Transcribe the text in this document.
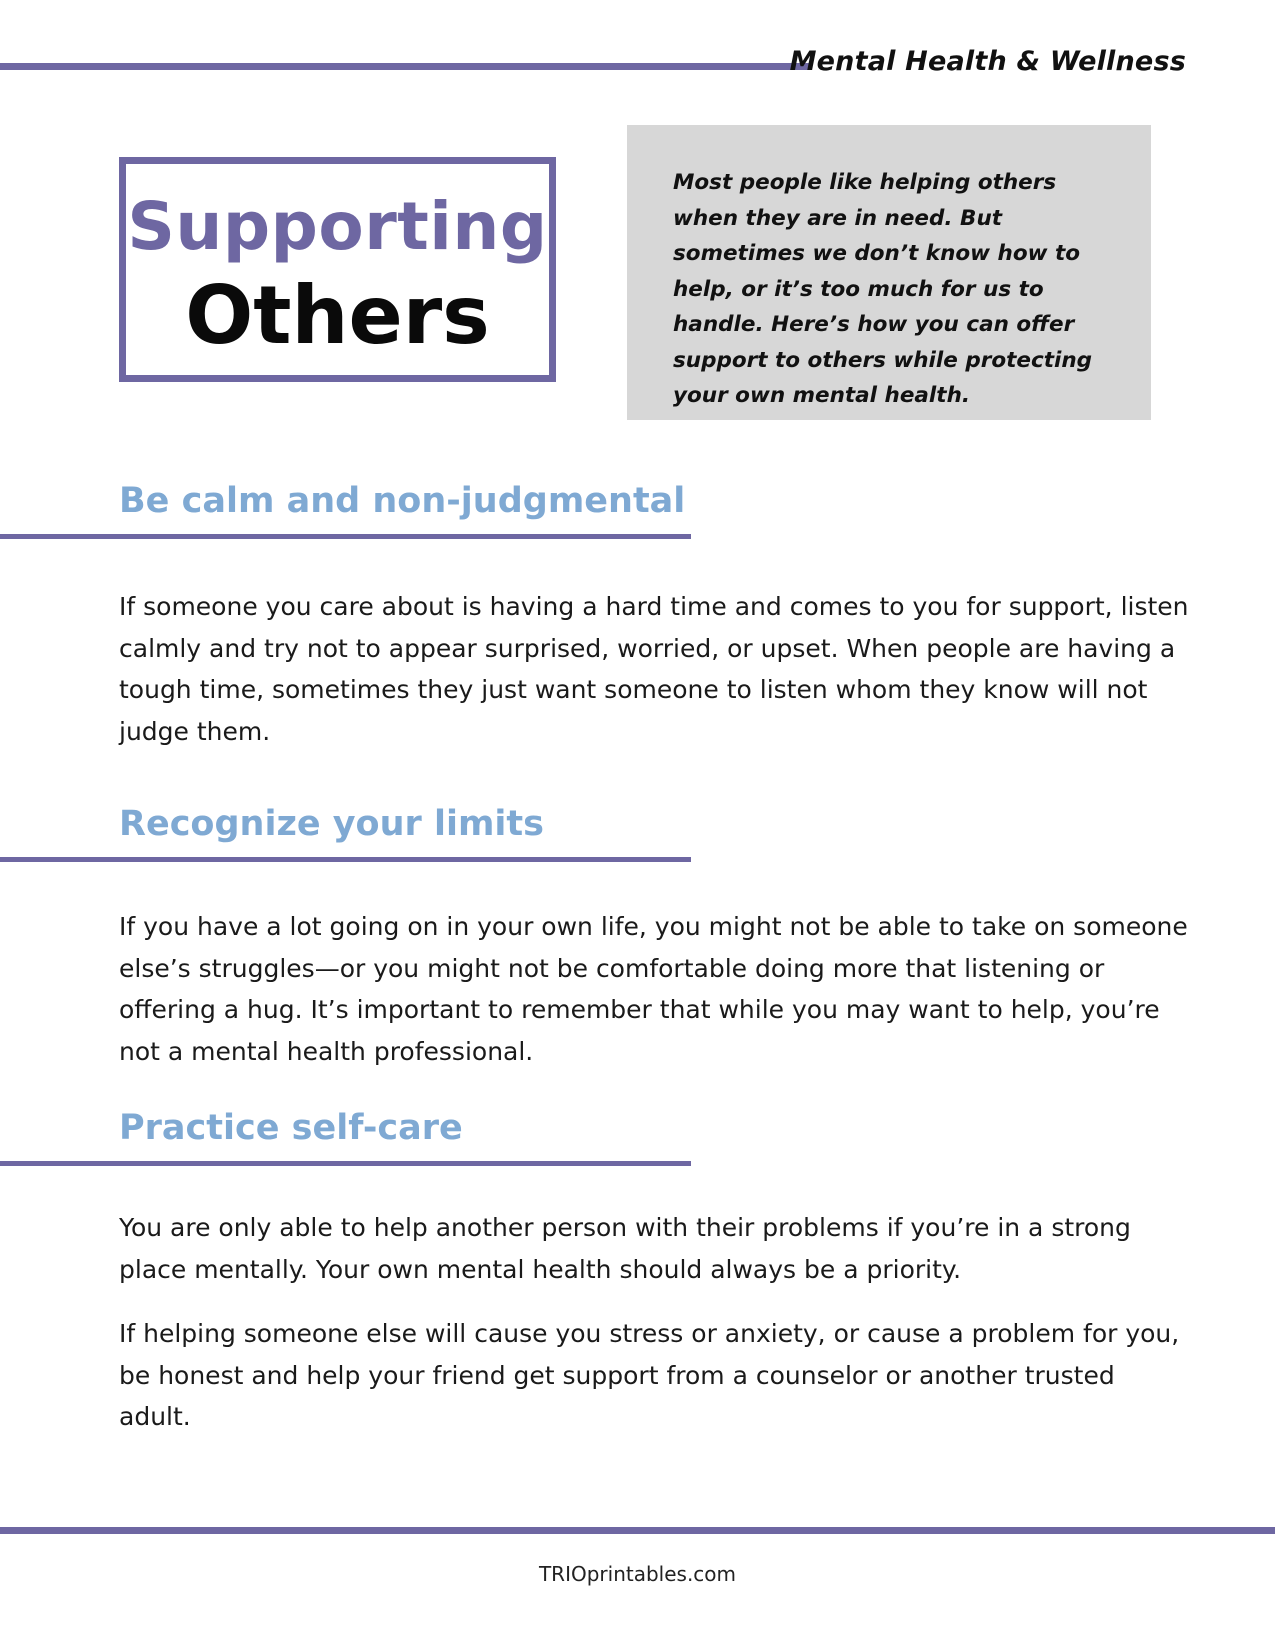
Mental Health & Wellness
Supporting
Others

Most people like helping others when they are in need. But sometimes we don’t know how to help, or it’s too much for us to handle. Here’s how you can offer support to others while protecting your own mental health.

Be calm and non-judgmental

If someone you care about is having a hard time and comes to you for support, listen calmly and try not to appear surprised, worried, or upset. When people are having a tough time, sometimes they just want someone to listen whom they know will not judge them.

Recognize your limits

If you have a lot going on in your own life, you might not be able to take on someone else’s struggles—or you might not be comfortable doing more that listening or offering a hug. It’s important to remember that while you may want to help, you’re not a mental health professional.

Practice self-care

You are only able to help another person with their problems if you’re in a strong place mentally. Your own mental health should always be a priority.

If helping someone else will cause you stress or anxiety, or cause a problem for you, be honest and help your friend get support from a counselor or another trusted adult.

TRIOprintables.com
